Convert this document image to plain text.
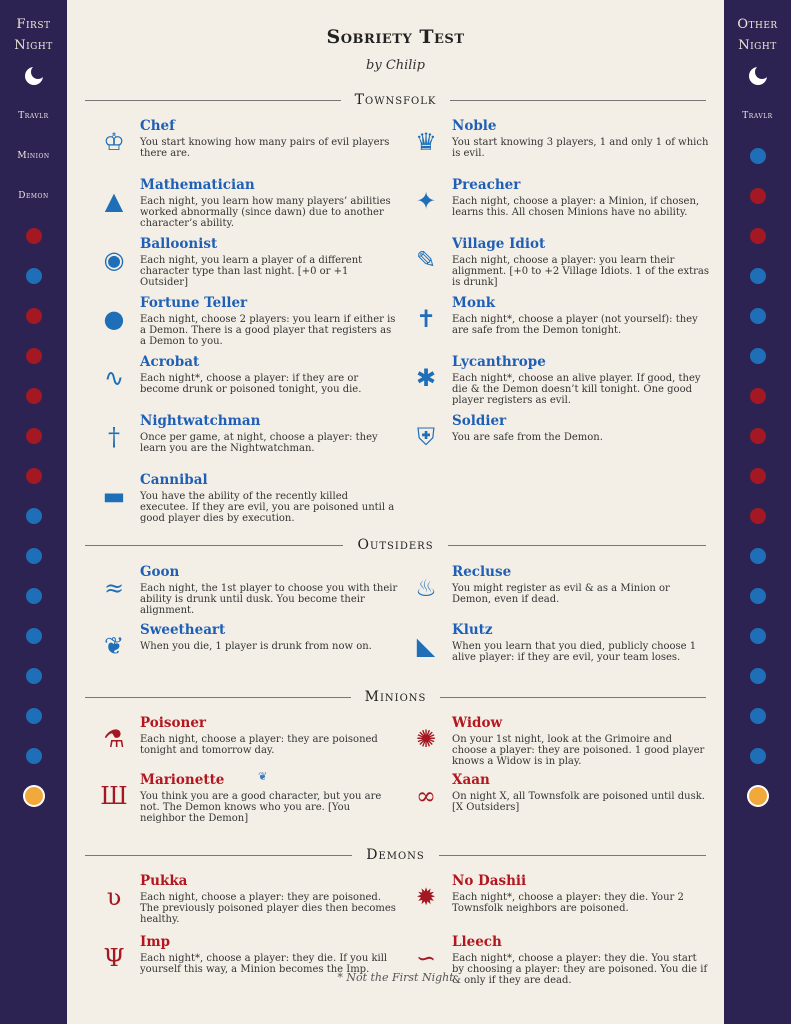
First
Night
Travlr
Minion
Demon
Other
Night
Travlr
Sobriety Test
by Chilip
Townsfolk
♔
Chef
You start knowing how many pairs of evil players there are.	♛
Noble
You start knowing 3 players, 1 and only 1 of which is evil.
▲
Mathematician
Each night, you learn how many players’ abilities worked abnormally (since dawn) due to another character’s ability.
✦
Preacher
Each night, choose a player: a Minion, if chosen, learns this. All chosen Minions have no ability.
◉
Balloonist
Each night, you learn a player of a different character type than last night. [+0 or +1 Outsider]
✎
Village Idiot
Each night, choose a player: you learn their alignment. [+0 to +2 Village Idiots. 1 of the extras is drunk]
●
Fortune Teller
Each night, choose 2 players: you learn if either is a Demon. There is a good player that registers as a Demon to you.
✝
Monk
Each night*, choose a player (not yourself): they are safe from the Demon tonight.
∿
Acrobat
Each night*, choose a player: if they are or become drunk or poisoned tonight, you die.	✱
Lycanthrope
Each night*, choose an alive player. If good, they die & the Demon doesn’t kill tonight. One good player registers as evil.
†
Nightwatchman
Once per game, at night, choose a player: they learn you are the Nightwatchman.	⛨
Soldier
You are safe from the Demon.
▬
Cannibal
You have the ability of the recently killed executee. If they are evil, you are poisoned until a good player dies by execution.
Outsiders
≈
Goon
Each night, the 1st player to choose you with their ability is drunk until dusk. You become their alignment.
♨
Recluse
You might register as evil & as a Minion or Demon, even if dead.
❦
Sweetheart
When you die, 1 player is drunk from now on.	◣
Klutz
When you learn that you died, publicly choose 1 alive player: if they are evil, your team loses.
Minions
⚗
Poisoner
Each night, choose a player: they are poisoned tonight and tomorrow day.	✺
Widow
On your 1st night, look at the Grimoire and choose a player: they are poisoned. 1 good player knows a Widow is in play.
Ш
Marionette
You think you are a good character, but you are not. The Demon knows who you are. [You neighbor the Demon]
❦
∞
Xaan
On night X, all Townsfolk are poisoned until dusk. [X Outsiders]
Demons
ʋ
Pukka
Each night, choose a player: they are poisoned. The previously poisoned player dies then becomes healthy.
✹
No Dashii
Each night*, choose a player: they die. Your 2 Townsfolk neighbors are poisoned.
Ψ
Imp
Each night*, choose a player: they die. If you kill yourself this way, a Minion becomes the Imp.	∽
Lleech
Each night*, choose a player: they die. You start by choosing a player: they are poisoned. You die if & only if they are dead.
* Not the First Night
